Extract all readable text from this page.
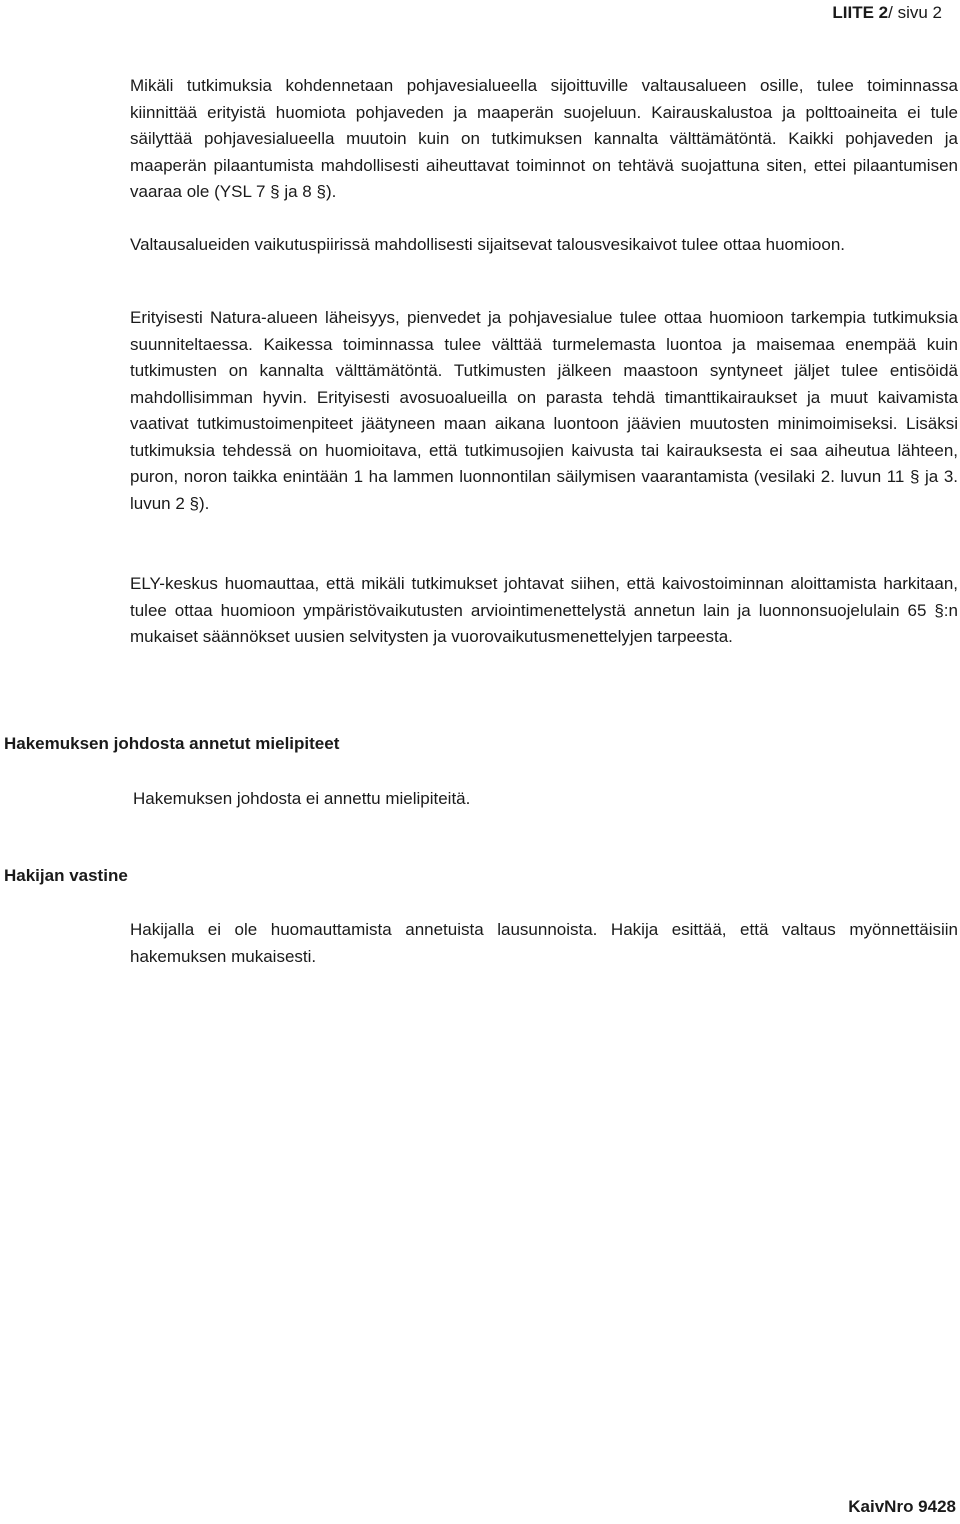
LIITE 2/ sivu 2

Mikäli tutkimuksia kohdennetaan pohjavesialueella sijoittuville valtausalueen osille, tulee toiminnassa kiinnittää erityistä huomiota pohjaveden ja maaperän suojeluun. Kairauskalustoa ja polttoaineita ei tule säilyttää pohjavesialueella muutoin kuin on tutkimuksen kannalta välttämätöntä. Kaikki pohjaveden ja maaperän pilaantumista mahdollisesti aiheuttavat toiminnot on tehtävä suojattuna siten, ettei pilaantumisen vaaraa ole (YSL 7 § ja 8 §).

Valtausalueiden vaikutuspiirissä mahdollisesti sijaitsevat talousvesikaivot tulee ottaa huomioon.

Erityisesti Natura-alueen läheisyys, pienvedet ja pohjavesialue tulee ottaa huomioon tarkempia tutkimuksia suunniteltaessa. Kaikessa toiminnassa tulee välttää turmelemasta luontoa ja maisemaa enempää kuin tutkimusten on kannalta välttämätöntä. Tutkimusten jälkeen maastoon syntyneet jäljet tulee entisöidä mahdollisimman hyvin. Erityisesti avosuoalueilla on parasta tehdä timanttikairaukset ja muut kaivamista vaativat tutkimustoimenpiteet jäätyneen maan aikana luontoon jäävien muutosten minimoimiseksi. Lisäksi tutkimuksia tehdessä on huomioitava, että tutkimusojien kaivusta tai kairauksesta ei saa aiheutua lähteen, puron, noron taikka enintään 1 ha lammen luonnontilan säilymisen vaarantamista (vesilaki 2. luvun 11 § ja 3. luvun 2 §).

ELY-keskus huomauttaa, että mikäli tutkimukset johtavat siihen, että kaivostoiminnan aloittamista harkitaan, tulee ottaa huomioon ympäristövaikutusten arviointimenettelystä annetun lain ja luonnonsuojelulain 65 §:n mukaiset säännökset uusien selvitysten ja vuorovaikutusmenettelyjen tarpeesta.

Hakemuksen johdosta annetut mielipiteet

Hakemuksen johdosta ei annettu mielipiteitä.

Hakijan vastine

Hakijalla ei ole huomauttamista annetuista lausunnoista. Hakija esittää, että valtaus myönnettäisiin hakemuksen mukaisesti.

KaivNro 9428
